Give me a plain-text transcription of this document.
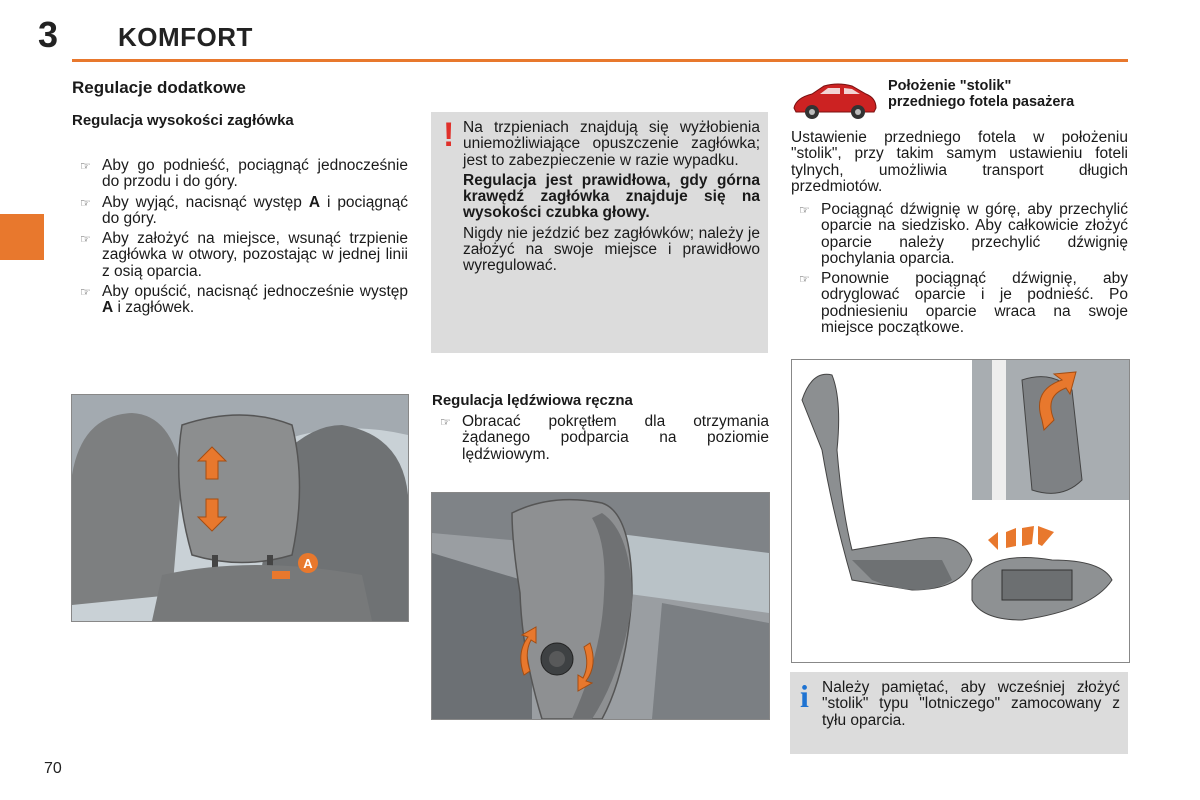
3 KOMFORT
70
Regulacje dodatkowe
Regulacja wysokości zagłówka
☞ Aby go podnieść, pociągnąć jednocześnie do przodu i do góry.
☞ Aby wyjąć, nacisnąć występ A i pociągnąć do góry.
☞ Aby założyć na miejsce, wsunąć trzpienie zagłówka w otwory, pozostając w jednej linii z osią oparcia.
☞ Aby opuścić, nacisnąć jednocześnie występ A i zagłówek.
A
! Na trzpieniach znajdują się wyżłobienia uniemożliwiające opuszczenie zagłówka; jest to zabezpieczenie w razie wypadku.

Regulacja jest prawidłowa, gdy górna krawędź zagłówka znajduje się na wysokości czubka głowy.

Nigdy nie jeździć bez zagłówków; należy je założyć na swoje miejsce i prawidłowo wyregulować.

Regulacja lędźwiowa ręczna
☞ Obracać pokrętłem dla otrzymania żądanego podparcia na poziomie lędźwiowym.
Położenie "stolik"
przedniego fotela pasażera
Ustawienie przedniego fotela w położeniu "stolik", przy takim samym ustawieniu foteli tylnych, umożliwia transport długich przedmiotów.
☞ Pociągnąć dźwignię w górę, aby przechylić oparcie na siedzisko. Aby całkowicie złożyć oparcie należy przechylić dźwignię pochylania oparcia.
☞ Ponownie pociągnąć dźwignię, aby odryglować oparcie i je podnieść. Po podniesieniu oparcie wraca na swoje miejsce początkowe.
i Należy pamiętać, aby wcześniej złożyć "stolik" typu "lotniczego" zamocowany z tyłu oparcia.
